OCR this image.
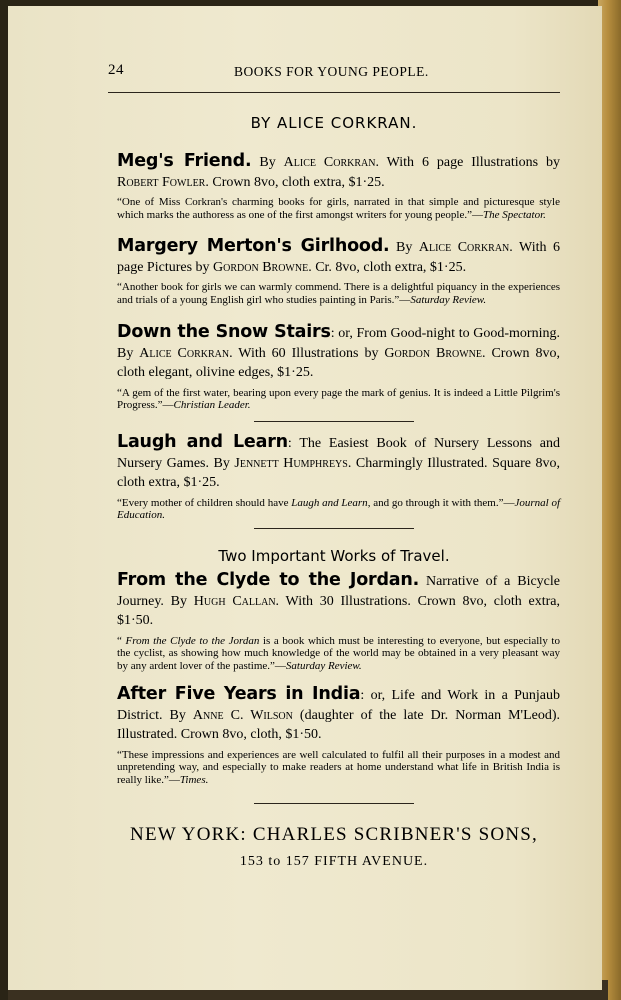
24	BOOKS FOR YOUNG PEOPLE.
BY ALICE CORKRAN.
Meg's Friend. By Alice Corkran. With 6 page Illustrations by Robert Fowler. Crown 8vo, cloth extra, $1·25.
“One of Miss Corkran's charming books for girls, narrated in that simple and picturesque style which marks the authoress as one of the first amongst writers for young people.”—The Spectator.
Margery Merton's Girlhood. By Alice Corkran. With 6 page Pictures by Gordon Browne. Cr. 8vo, cloth extra, $1·25.
“Another book for girls we can warmly commend. There is a delightful piquancy in the experiences and trials of a young English girl who studies painting in Paris.”—Saturday Review.
Down the Snow Stairs: or, From Good-night to Good-morning. By Alice Corkran. With 60 Illustrations by Gordon Browne. Crown 8vo, cloth elegant, olivine edges, $1·25.
“A gem of the first water, bearing upon every page the mark of genius. It is indeed a Little Pilgrim's Progress.”—Christian Leader.
Laugh and Learn: The Easiest Book of Nursery Lessons and Nursery Games. By Jennett Humphreys. Charmingly Illustrated. Square 8vo, cloth extra, $1·25.
“Every mother of children should have Laugh and Learn, and go through it with them.”—Journal of Education.
Two Important Works of Travel.
From the Clyde to the Jordan. Narrative of a Bicycle Journey. By Hugh Callan. With 30 Illustrations. Crown 8vo, cloth extra, $1·50.
“ From the Clyde to the Jordan is a book which must be interesting to everyone, but especially to the cyclist, as showing how much knowledge of the world may be obtained in a very pleasant way by any ardent lover of the pastime.”—Saturday Review.
After Five Years in India: or, Life and Work in a Punjaub District. By Anne C. Wilson (daughter of the late Dr. Norman M'Leod). Illustrated. Crown 8vo, cloth, $1·50.
“These impressions and experiences are well calculated to fulfil all their purposes in a modest and unpretending way, and especially to make readers at home understand what life in British India is really like.”—Times.
NEW YORK: CHARLES SCRIBNER'S SONS,
153 to 157 FIFTH AVENUE.
